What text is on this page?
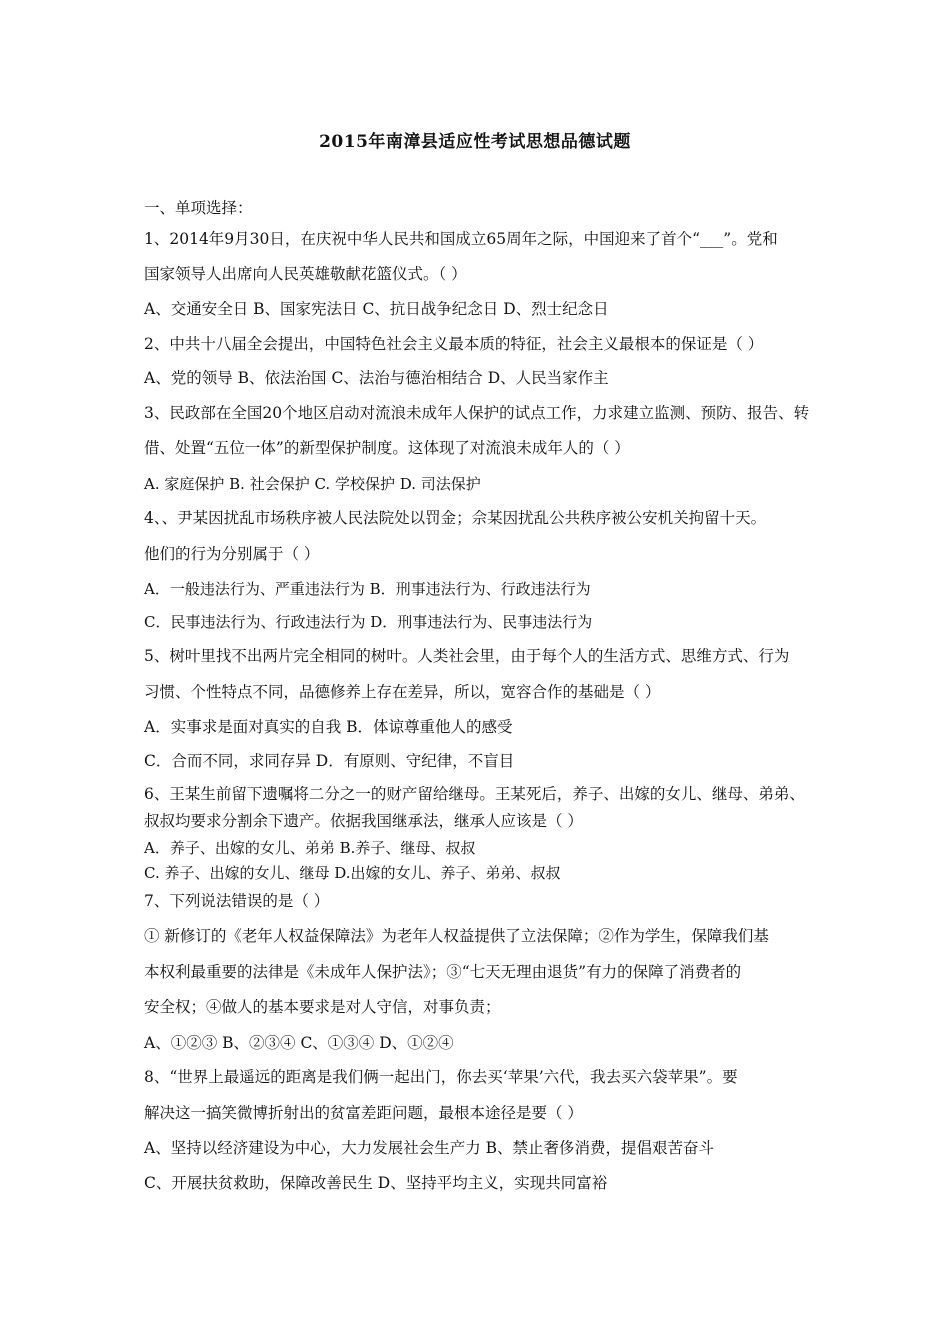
2015年南漳县适应性考试思想品德试题
一、单项选择：
1、2014年9月30日，在庆祝中华人民共和国成立65周年之际，中国迎来了首个“___”。党和
国家领导人出席向人民英雄敬献花篮仪式。（ ）
A、交通安全日 B、国家宪法日 C、抗日战争纪念日 D、烈士纪念日
2、中共十八届全会提出，中国特色社会主义最本质的特征，社会主义最根本的保证是（ ）
A、党的领导 B、依法治国 C、法治与德治相结合 D、人民当家作主
3、民政部在全国20个地区启动对流浪未成年人保护的试点工作，力求建立监测、预防、报告、转
借、处置“五位一体”的新型保护制度。这体现了对流浪未成年人的（ ）
A. 家庭保护 B. 社会保护 C. 学校保护 D. 司法保护
4、、尹某因扰乱市场秩序被人民法院处以罚金；佘某因扰乱公共秩序被公安机关拘留十天。
他们的行为分别属于（ ）
A．一般违法行为、严重违法行为 B．刑事违法行为、行政违法行为
C．民事违法行为、行政违法行为 D．刑事违法行为、民事违法行为
5、树叶里找不出两片完全相同的树叶。人类社会里，由于每个人的生活方式、思维方式、行为
习惯、个性特点不同，品德修养上存在差异，所以，宽容合作的基础是（ ）
A．实事求是面对真实的自我 B．体谅尊重他人的感受
C．合而不同，求同存异 D．有原则、守纪律，不盲目
6、王某生前留下遗嘱将二分之一的财产留给继母。王某死后，养子、出嫁的女儿、继母、弟弟、
叔叔均要求分割余下遗产。依据我国继承法，继承人应该是（ ）
A．养子、出嫁的女儿、弟弟 B.养子、继母、叔叔
C. 养子、出嫁的女儿、继母 D.出嫁的女儿、养子、弟弟、叔叔
7、下列说法错误的是（ ）
① 新修订的《老年人权益保障法》为老年人权益提供了立法保障；②作为学生，保障我们基
本权利最重要的法律是《未成年人保护法》；③“七天无理由退货”有力的保障了消费者的
安全权；④做人的基本要求是对人守信，对事负责；
A、①②③ B、②③④ C、①③④ D、①②④
8、“世界上最遥远的距离是我们俩一起出门，你去买‘苹果’六代，我去买六袋苹果”。要
解决这一搞笑微博折射出的贫富差距问题，最根本途径是要（ ）
A、坚持以经济建设为中心，大力发展社会生产力 B、禁止奢侈消费，提倡艰苦奋斗
C、开展扶贫救助，保障改善民生 D、坚持平均主义，实现共同富裕
